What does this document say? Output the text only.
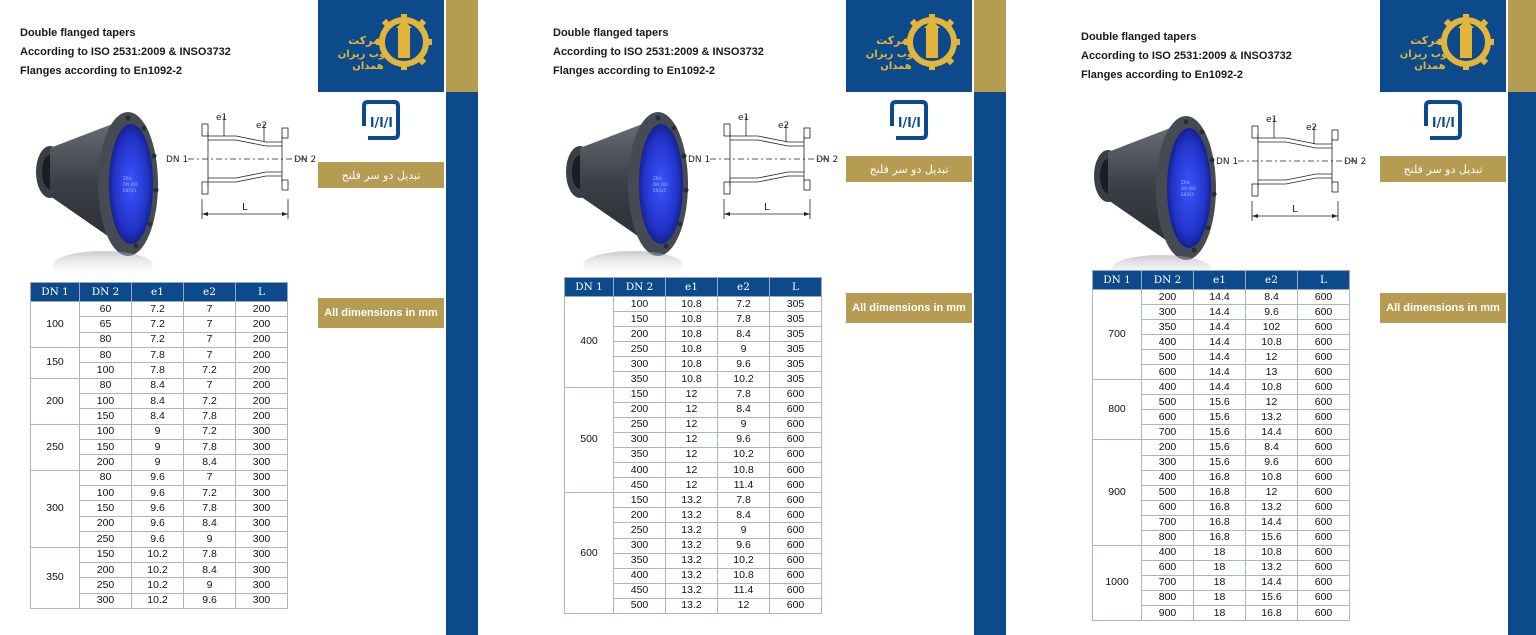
Double flanged tapers
According to ISO 2531:2009 & INSO3732
Flanges according to En1092-2
ZRH
DN 400
EN545
e1
e2
DN 1	DN 2
L
شرکت
ذوب ریزان
همدان
ا/ا/ا
تبدیل دو سر فلنج
All dimensions in mm
DN 1	DN 2	e1	e2	L
100	60	7.2	7	200
	65	7.2	7	200
	80	7.2	7	200
150	80	7.8	7	200
	100	7.8	7.2	200
200	80	8.4	7	200
	100	8.4	7.2	200
	150	8.4	7.8	200
250	100	9	7.2	300
	150	9	7.8	300
	200	9	8.4	300
300	80	9.6	7	300
	100	9.6	7.2	300
	150	9.6	7.8	300
	200	9.6	8.4	300
	250	9.6	9	300
350	150	10.2	7.8	300
	200	10.2	8.4	300
	250	10.2	9	300
	300	10.2	9.6	300
Double flanged tapers
According to ISO 2531:2009 & INSO3732
Flanges according to En1092-2
ZRH
DN 400
EN545
e1
e2
DN 1	DN 2
L
شرکت
ذوب ریزان
همدان
ا/ا/ا
تبدیل دو سر فلنج
All dimensions in mm
DN 1	DN 2	e1	e2	L
400	100	10.8	7.2	305
	150	10.8	7.8	305
	200	10.8	8.4	305
	250	10.8	9	305
	300	10.8	9.6	305
	350	10.8	10.2	305
500	150	12	7.8	600
	200	12	8.4	600
	250	12	9	600
	300	12	9.6	600
	350	12	10.2	600
	400	12	10.8	600
	450	12	11.4	600
600	150	13.2	7.8	600
	200	13.2	8.4	600
	250	13.2	9	600
	300	13.2	9.6	600
	350	13.2	10.2	600
	400	13.2	10.8	600
	450	13.2	11.4	600
	500	13.2	12	600
Double flanged tapers
According to ISO 2531:2009 & INSO3732
Flanges according to En1092-2
ZRH
DN 400
EN545
e1
e2
DN 1	DN 2
L
شرکت
ذوب ریزان
همدان
ا/ا/ا
تبدیل دو سر فلنج
All dimensions in mm
DN 1	DN 2	e1	e2	L
700	200	14.4	8.4	600
	300	14.4	9.6	600
	350	14.4	102	600
	400	14.4	10.8	600
	500	14.4	12	600
	600	14.4	13	600
800	400	14.4	10.8	600
	500	15.6	12	600
	600	15.6	13.2	600
	700	15.6	14.4	600
900	200	15.6	8.4	600
	300	15.6	9.6	600
	400	16.8	10.8	600
	500	16.8	12	600
	600	16.8	13.2	600
	700	16.8	14.4	600
	800	16.8	15.6	600
1000	400	18	10.8	600
	600	18	13.2	600
	700	18	14.4	600
	800	18	15.6	600
	900	18	16.8	600
